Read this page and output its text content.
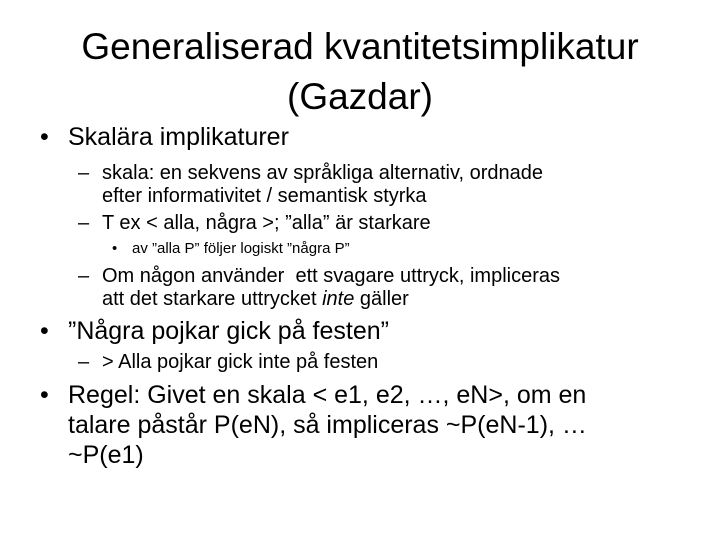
Generaliserad kvantitetsimplikatur
(Gazdar)
• Skalära implikaturer
– skala: en sekvens av språkliga alternativ, ordnade
efter informativitet / semantisk styrka
– T ex < alla, några >; ”alla” är starkare
• av ”alla P” följer logiskt ”några P”
– Om någon använder  ett svagare uttryck, impliceras
att det starkare uttrycket inte gäller
• ”Några pojkar gick på festen”
– > Alla pojkar gick inte på festen
• Regel: Givet en skala < e1, e2, …, eN>, om en
talare påstår P(eN), så impliceras ~P(eN-1), …
~P(e1)
